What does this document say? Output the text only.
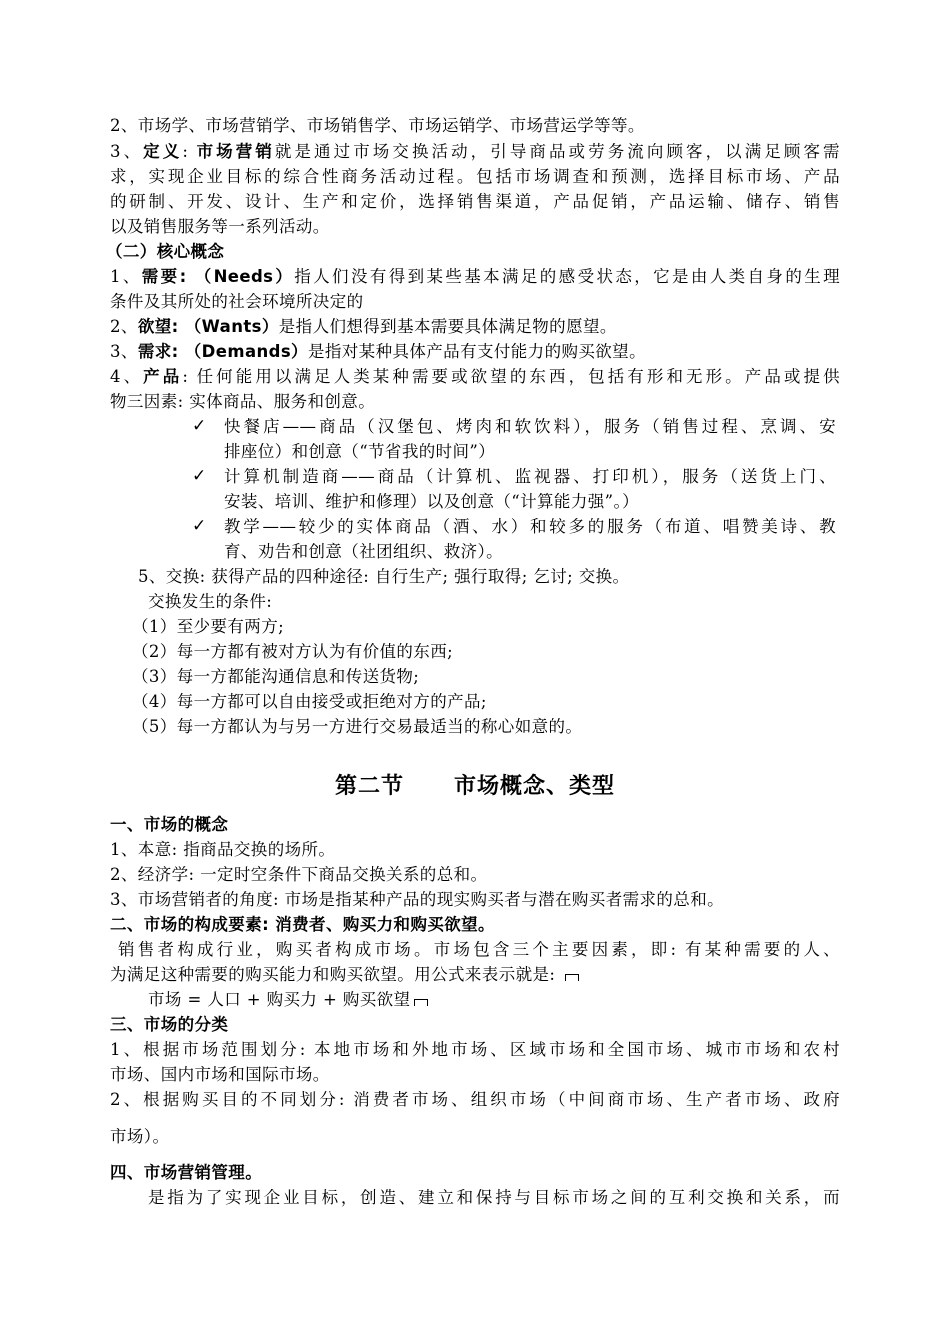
2、市场学、市场营销学、市场销售学、市场运销学、市场营运学等等。
3、定义: 市场营销就是通过市场交换活动，引导商品或劳务流向顾客，以满足顾客需
求，实现企业目标的综合性商务活动过程。包括市场调查和预测，选择目标市场、产品
的研制、开发、设计、生产和定价，选择销售渠道，产品促销，产品运输、储存、销售
以及销售服务等一系列活动。
（二）核心概念
1、需要: （Needs）指人们没有得到某些基本满足的感受状态，它是由人类自身的生理
条件及其所处的社会环境所决定的
2、欲望: （Wants）是指人们想得到基本需要具体满足物的愿望。
3、需求: （Demands）是指对某种具体产品有支付能力的购买欲望。
4、产品: 任何能用以满足人类某种需要或欲望的东西，包括有形和无形。产品或提供
物三因素: 实体商品、服务和创意。
✓ 快餐店——商品（汉堡包、烤肉和软饮料），服务（销售过程、烹调、安
排座位）和创意（“节省我的时间”）
✓ 计算机制造商——商品（计算机、监视器、打印机），服务（送货上门、
安装、培训、维护和修理）以及创意（“计算能力强”。）
✓ 教学——较少的实体商品（酒、水）和较多的服务（布道、唱赞美诗、教
育、劝告和创意（社团组织、救济）。
5、交换: 获得产品的四种途径: 自行生产; 强行取得; 乞讨; 交换。
交换发生的条件:
（1）至少要有两方;
（2）每一方都有被对方认为有价值的东西;
（3）每一方都能沟通信息和传送货物;
（4）每一方都可以自由接受或拒绝对方的产品;
（5）每一方都认为与另一方进行交易最适当的称心如意的。
第二节 市场概念、类型
一、市场的概念
1、本意: 指商品交换的场所。
2、经济学: 一定时空条件下商品交换关系的总和。
3、市场营销者的角度: 市场是指某种产品的现实购买者与潜在购买者需求的总和。
二、市场的构成要素: 消费者、购买力和购买欲望。
销售者构成行业，购买者构成市场。市场包含三个主要因素，即: 有某种需要的人、
为满足这种需要的购买能力和购买欲望。用公式来表示就是:
市场 = 人口 + 购买力 + 购买欲望
三、市场的分类
1、根据市场范围划分: 本地市场和外地市场、区域市场和全国市场、城市市场和农村
市场、国内市场和国际市场。
2、根据购买目的不同划分: 消费者市场、组织市场（中间商市场、生产者市场、政府
市场）。
四、市场营销管理。
是指为了实现企业目标，创造、建立和保持与目标市场之间的互利交换和关系，而
